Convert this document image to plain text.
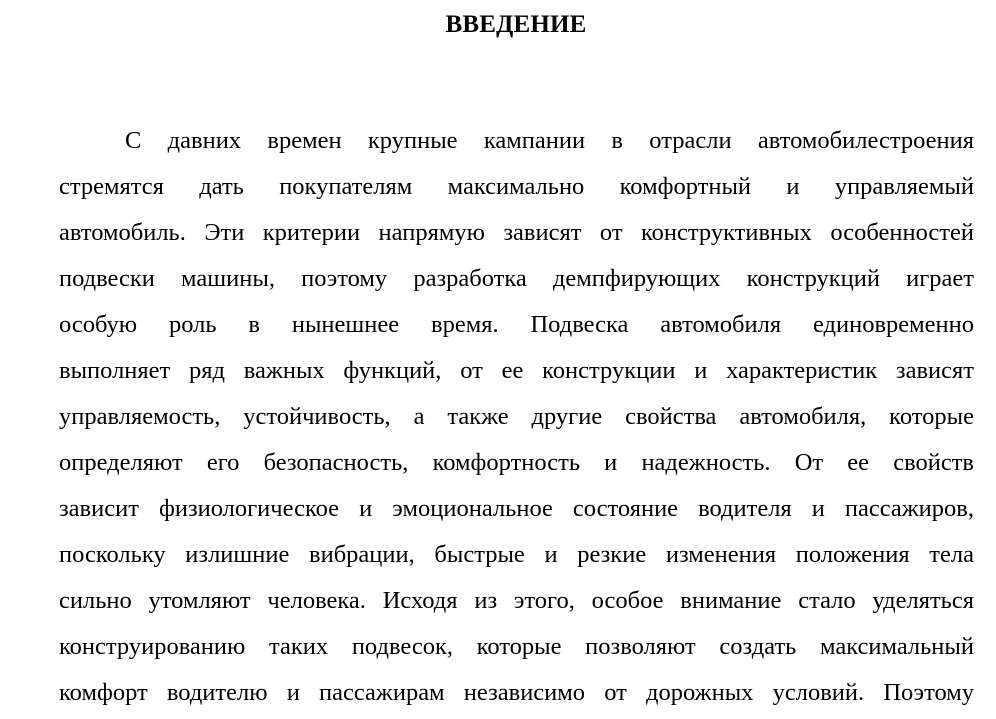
ВВЕДЕНИЕ
С давних времен крупные кампании в отрасли автомобилестроения
стремятся дать покупателям максимально комфортный и управляемый
автомобиль. Эти критерии напрямую зависят от конструктивных особенностей
подвески машины, поэтому разработка демпфирующих конструкций играет
особую роль в нынешнее время. Подвеска автомобиля единовременно
выполняет ряд важных функций, от ее конструкции и характеристик зависят
управляемость, устойчивость, а также другие свойства автомобиля, которые
определяют его безопасность, комфортность и надежность. От ее свойств
зависит физиологическое и эмоциональное состояние водителя и пассажиров,
поскольку излишние вибрации, быстрые и резкие изменения положения тела
сильно утомляют человека. Исходя из этого, особое внимание стало уделяться
конструированию таких подвесок, которые позволяют создать максимальный
комфорт водителю и пассажирам независимо от дорожных условий. Поэтому
